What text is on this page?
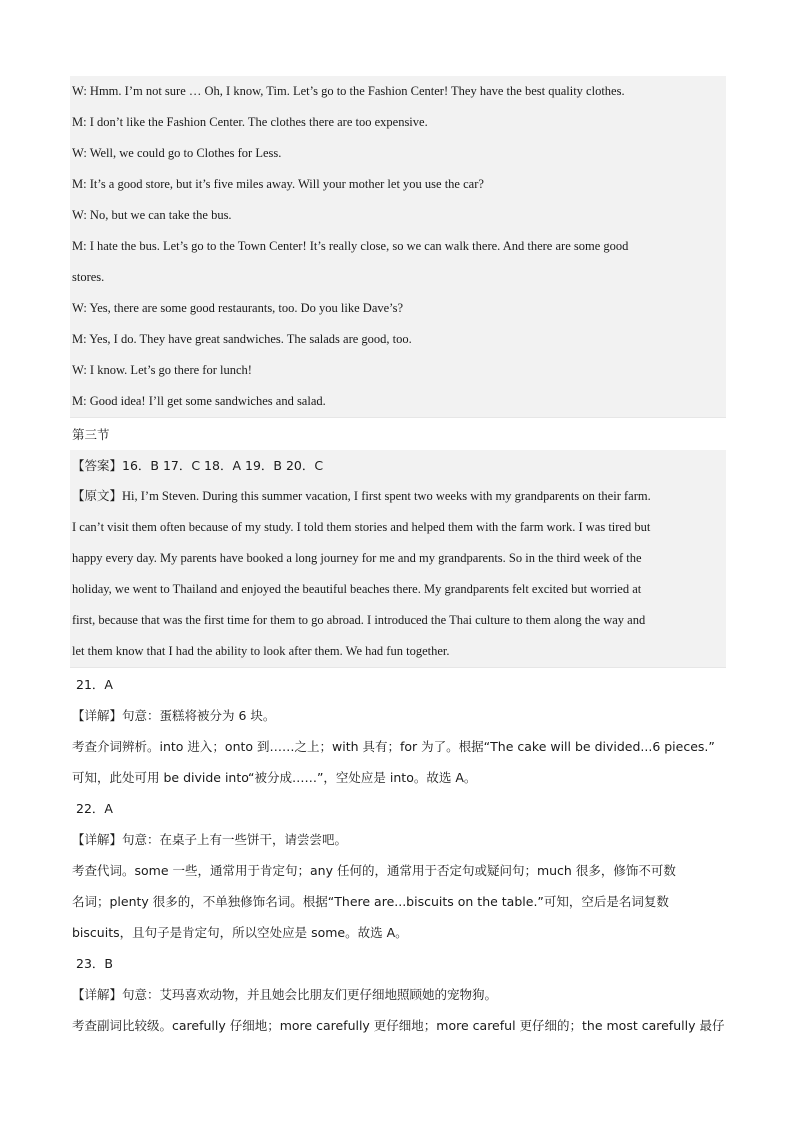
W: Hmm. I’m not sure … Oh, I know, Tim. Let’s go to the Fashion Center! They have the best quality clothes.
M: I don’t like the Fashion Center. The clothes there are too expensive.
W: Well, we could go to Clothes for Less.
M: It’s a good store, but it’s five miles away. Will your mother let you use the car?
W: No, but we can take the bus.
M: I hate the bus. Let’s go to the Town Center! It’s really close, so we can walk there. And there are some good
stores.
W: Yes, there are some good restaurants, too. Do you like Dave’s?
M: Yes, I do. They have great sandwiches. The salads are good, too.
W: I know. Let’s go there for lunch!
M: Good idea! I’ll get some sandwiches and salad.
第三节
【答案】16．B 17．C 18．A 19．B 20．C
【原文】Hi, I’m Steven. During this summer vacation, I first spent two weeks with my grandparents on their farm.
I can’t visit them often because of my study. I told them stories and helped them with the farm work. I was tired but
happy every day. My parents have booked a long journey for me and my grandparents. So in the third week of the
holiday, we went to Thailand and enjoyed the beautiful beaches there. My grandparents felt excited but worried at
first, because that was the first time for them to go abroad. I introduced the Thai culture to them along the way and
let them know that I had the ability to look after them. We had fun together.
21．A
【详解】句意：蛋糕将被分为 6 块。
考查介词辨析。into 进入；onto 到……之上；with 具有；for 为了。根据“The cake will be divided...6 pieces.”
可知，此处可用 be divide into“被分成……”，空处应是 into。故选 A。
22．A
【详解】句意：在桌子上有一些饼干，请尝尝吧。
考查代词。some 一些，通常用于肯定句；any 任何的，通常用于否定句或疑问句；much 很多，修饰不可数
名词；plenty 很多的，不单独修饰名词。根据“There are...biscuits on the table.”可知，空后是名词复数
biscuits，且句子是肯定句，所以空处应是 some。故选 A。
23．B
【详解】句意：艾玛喜欢动物，并且她会比朋友们更仔细地照顾她的宠物狗。
考查副词比较级。carefully 仔细地；more carefully 更仔细地；more careful 更仔细的；the most carefully 最仔
